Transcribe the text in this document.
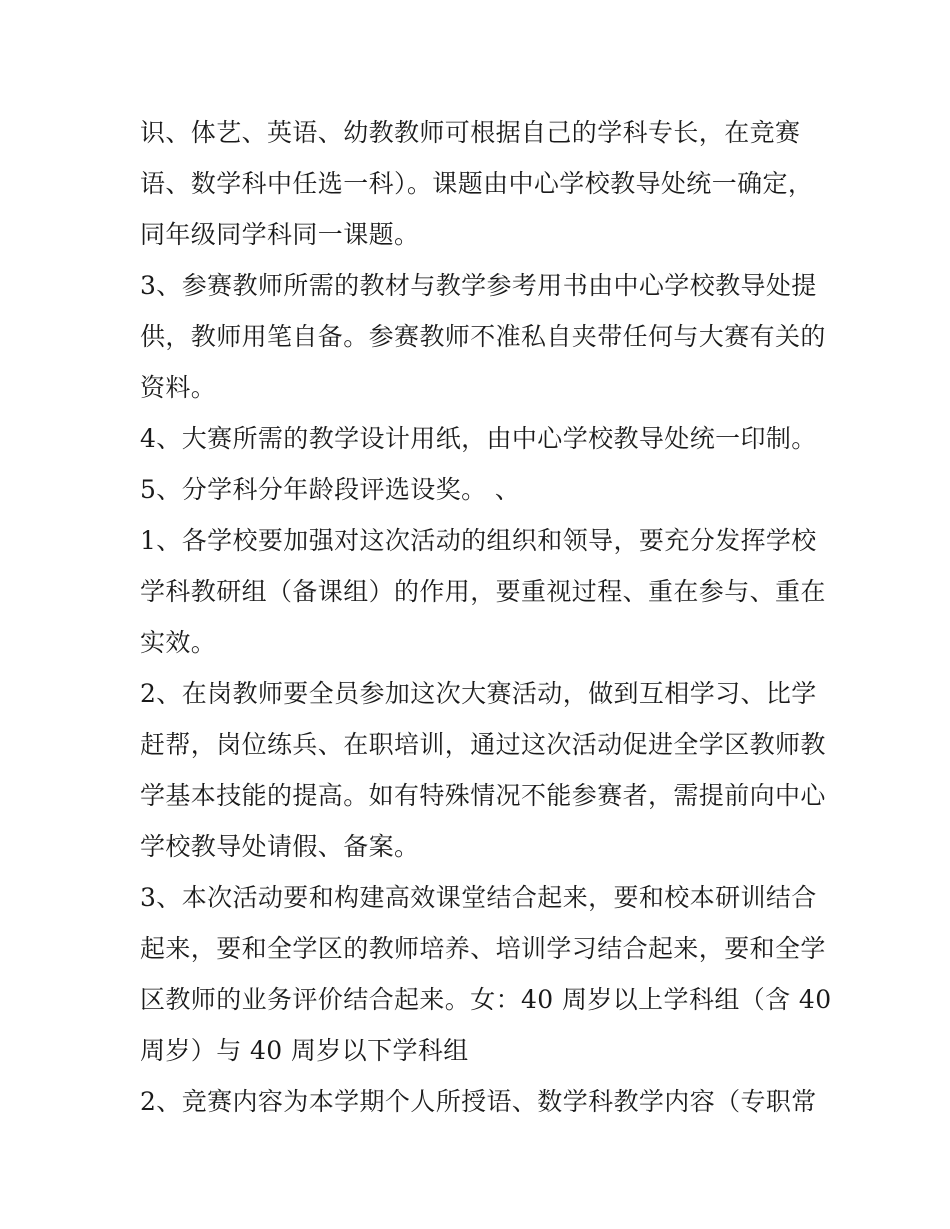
识、体艺、英语、幼教教师可根据自己的学科专长，在竞赛
语、数学科中任选一科）。课题由中心学校教导处统一确定，
同年级同学科同一课题。
3、参赛教师所需的教材与教学参考用书由中心学校教导处提
供，教师用笔自备。参赛教师不准私自夹带任何与大赛有关的
资料。
4、大赛所需的教学设计用纸，由中心学校教导处统一印制。
5、分学科分年龄段评选设奖。 、
1、各学校要加强对这次活动的组织和领导，要充分发挥学校
学科教研组（备课组）的作用，要重视过程、重在参与、重在
实效。
2、在岗教师要全员参加这次大赛活动，做到互相学习、比学
赶帮，岗位练兵、在职培训，通过这次活动促进全学区教师教
学基本技能的提高。如有特殊情况不能参赛者，需提前向中心
学校教导处请假、备案。
3、本次活动要和构建高效课堂结合起来，要和校本研训结合
起来，要和全学区的教师培养、培训学习结合起来，要和全学
区教师的业务评价结合起来。女：40 周岁以上学科组（含 40
周岁）与 40 周岁以下学科组
2、竞赛内容为本学期个人所授语、数学科教学内容（专职常
